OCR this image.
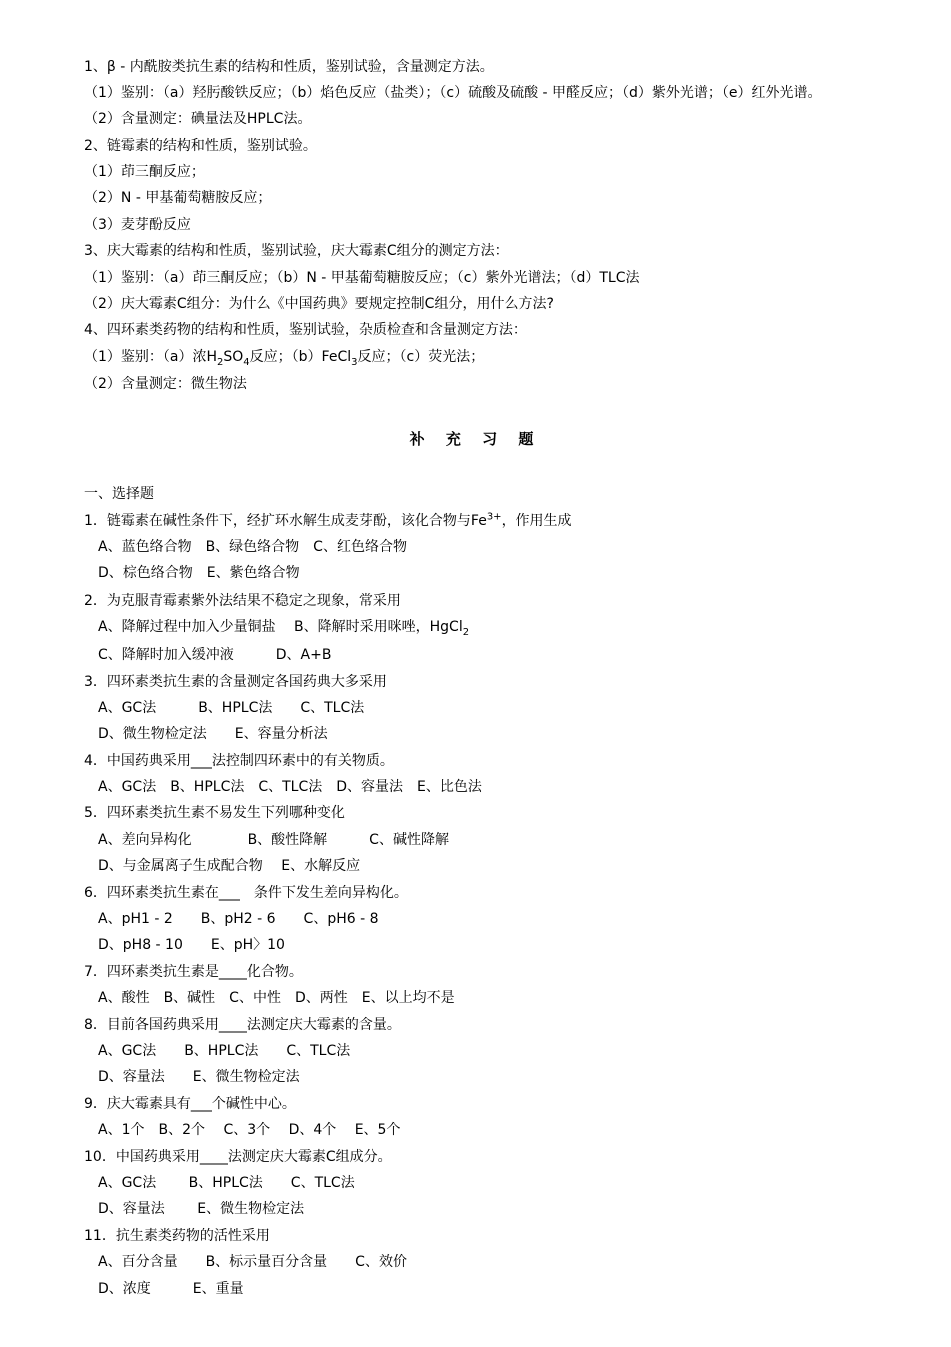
1、β - 内酰胺类抗生素的结构和性质，鉴别试验，含量测定方法。

（1）鉴别：（a）羟肟酸铁反应；（b）焰色反应（盐类）；（c）硫酸及硫酸 - 甲醛反应；（d）紫外光谱；（e）红外光谱。

（2）含量测定：碘量法及HPLC法。

2、链霉素的结构和性质，鉴别试验。

（1）茚三酮反应；

（2）N - 甲基葡萄糖胺反应；

（3）麦芽酚反应

3、庆大霉素的结构和性质，鉴别试验，庆大霉素C组分的测定方法：

（1）鉴别：（a）茚三酮反应；（b）N - 甲基葡萄糖胺反应；（c）紫外光谱法；（d）TLC法

（2）庆大霉素C组分：为什么《中国药典》要规定控制C组分，用什么方法?

4、四环素类药物的结构和性质，鉴别试验，杂质检查和含量测定方法：

（1）鉴别：（a）浓$H_2SO_4$反应；（b）FeCl$_3$反应；（c）荧光法；

（2）含量测定：微生物法

补 充 习 题

一、选择题

1．链霉素在碱性条件下，经扩环水解生成麦芽酚，该化合物与$Fe^{3+}$，作用生成

A、蓝色络合物　B、绿色络合物　C、红色络合物

D、棕色络合物　E、紫色络合物

2．为克服青霉素紫外法结果不稳定之现象，常采用

A、降解过程中加入少量铜盐　 B、降解时采用咪唑，HgCl$_2$

C、降解时加入缓冲液　　　D、A+B

3．四环素类抗生素的含量测定各国药典大多采用

A、GC法　　　B、HPLC法　　C、TLC法

D、微生物检定法　　E、容量分析法

4．中国药典采用___法控制四环素中的有关物质。

A、GC法　B、HPLC法　C、TLC法　D、容量法　E、比色法

5．四环素类抗生素不易发生下列哪种变化

A、差向异构化　　　　B、酸性降解　　　C、碱性降解

D、与金属离子生成配合物　 E、水解反应

6．四环素类抗生素在___　条件下发生差向异构化。

A、pH1 - 2　　B、pH2 - 6　　C、pH6 - 8

D、pH8 - 10　　E、pH〉10

7．四环素类抗生素是____化合物。

A、酸性　B、碱性　C、中性　D、两性　E、以上均不是

8．目前各国药典采用____法测定庆大霉素的含量。

A、GC法　　B、HPLC法　　C、TLC法

D、容量法　　E、微生物检定法

9．庆大霉素具有___个碱性中心。

A、1个　B、2个　 C、3个　 D、4个　 E、5个

10．中国药典采用____法测定庆大霉素C组成分。

A、GC法　　 B、HPLC法　　C、TLC法

D、容量法　　 E、微生物检定法

11．抗生素类药物的活性采用

A、百分含量　　B、标示量百分含量　　C、效价

D、浓度　　　E、重量
